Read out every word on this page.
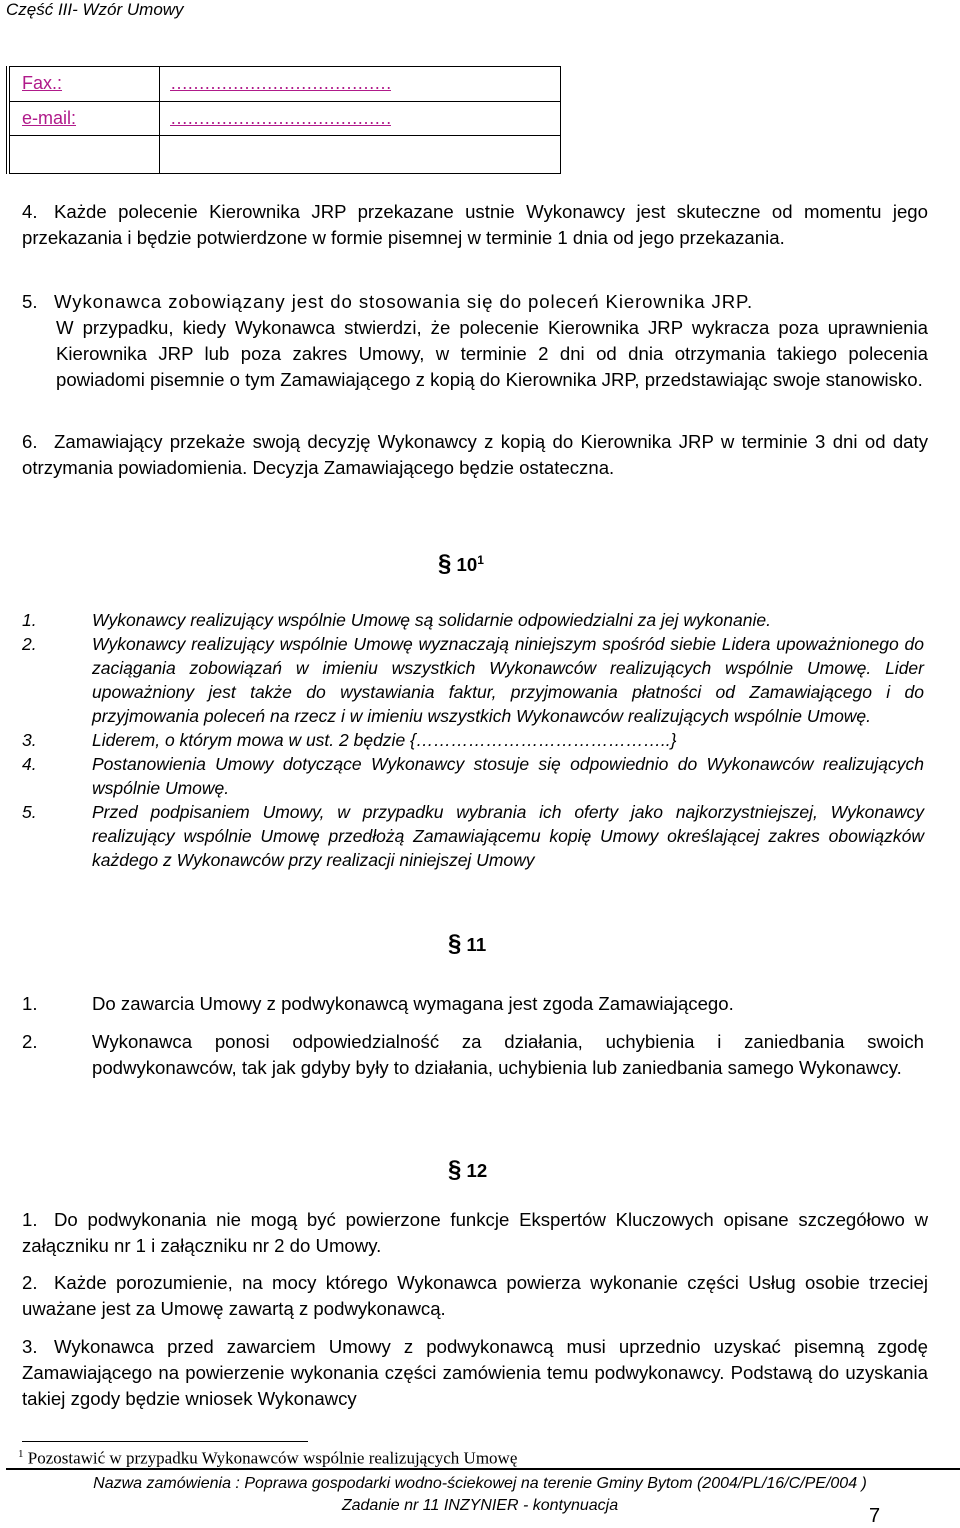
Część III- Wzór Umowy
Fax.:	…………………………………
e-mail:	…………………………………

4. Każde polecenie Kierownika JRP przekazane ustnie Wykonawcy jest skuteczne od momentu jego przekazania i będzie potwierdzone w formie pisemnej w terminie 1 dnia od jego przekazania.
5. Wykonawca zobowiązany jest do stosowania się do poleceń Kierownika JRP.
W przypadku, kiedy Wykonawca stwierdzi, że polecenie Kierownika JRP wykracza poza uprawnienia Kierownika JRP lub poza zakres Umowy, w terminie 2 dni od dnia otrzymania takiego polecenia powiadomi pisemnie o tym Zamawiającego z kopią do Kierownika JRP, przedstawiając swoje stanowisko.
6. Zamawiający przekaże swoją decyzję Wykonawcy z kopią do Kierownika JRP w terminie 3 dni od daty otrzymania powiadomienia. Decyzja Zamawiającego będzie ostateczna.
§ $10^1$
1.	Wykonawcy realizujący wspólnie Umowę są solidarnie odpowiedzialni za jej wykonanie.
2.	Wykonawcy realizujący wspólnie Umowę wyznaczają niniejszym spośród siebie Lidera upoważnionego do zaciągania zobowiązań w imieniu wszystkich Wykonawców realizujących wspólnie Umowę. Lider upoważniony jest także do wystawiania faktur, przyjmowania płatności od Zamawiającego i do przyjmowania poleceń na rzecz i w imieniu wszystkich Wykonawców realizujących wspólnie Umowę.
3.	Liderem, o którym mowa w ust. 2 będzie {……………………………………..}
4.	Postanowienia Umowy dotyczące Wykonawcy stosuje się odpowiednio do Wykonawców realizujących wspólnie Umowę.
5.	Przed podpisaniem Umowy, w przypadku wybrania ich oferty jako najkorzystniejszej, Wykonawcy realizujący wspólnie Umowę przedłożą Zamawiającemu kopię Umowy określającej zakres obowiązków każdego z Wykonawców przy realizacji niniejszej Umowy
§ 11
1.	Do zawarcia Umowy z podwykonawcą wymagana jest zgoda Zamawiającego.
2.	Wykonawca ponosi odpowiedzialność za działania, uchybienia i zaniedbania swoich podwykonawców, tak jak gdyby były to działania, uchybienia lub zaniedbania samego Wykonawcy.
§ 12
1. Do podwykonania nie mogą być powierzone funkcje Ekspertów Kluczowych opisane szczegółowo w załączniku nr 1 i załączniku nr 2 do Umowy.
2. Każde porozumienie, na mocy którego Wykonawca powierza wykonanie części Usług osobie trzeciej uważane jest za Umowę zawartą z podwykonawcą.
3. Wykonawca przed zawarciem Umowy z podwykonawcą musi uprzednio uzyskać pisemną zgodę Zamawiającego na powierzenie wykonania części zamówienia temu podwykonawcy. Podstawą do uzyskania takiej zgody będzie wniosek Wykonawcy
$^1$ Pozostawić w przypadku Wykonawców wspólnie realizujących Umowę
Nazwa zamówienia : Poprawa gospodarki wodno-ściekowej na terenie Gminy Bytom (2004/PL/16/C/PE/004 )
Zadanie nr 11 INZYNIER - kontynuacja	7
